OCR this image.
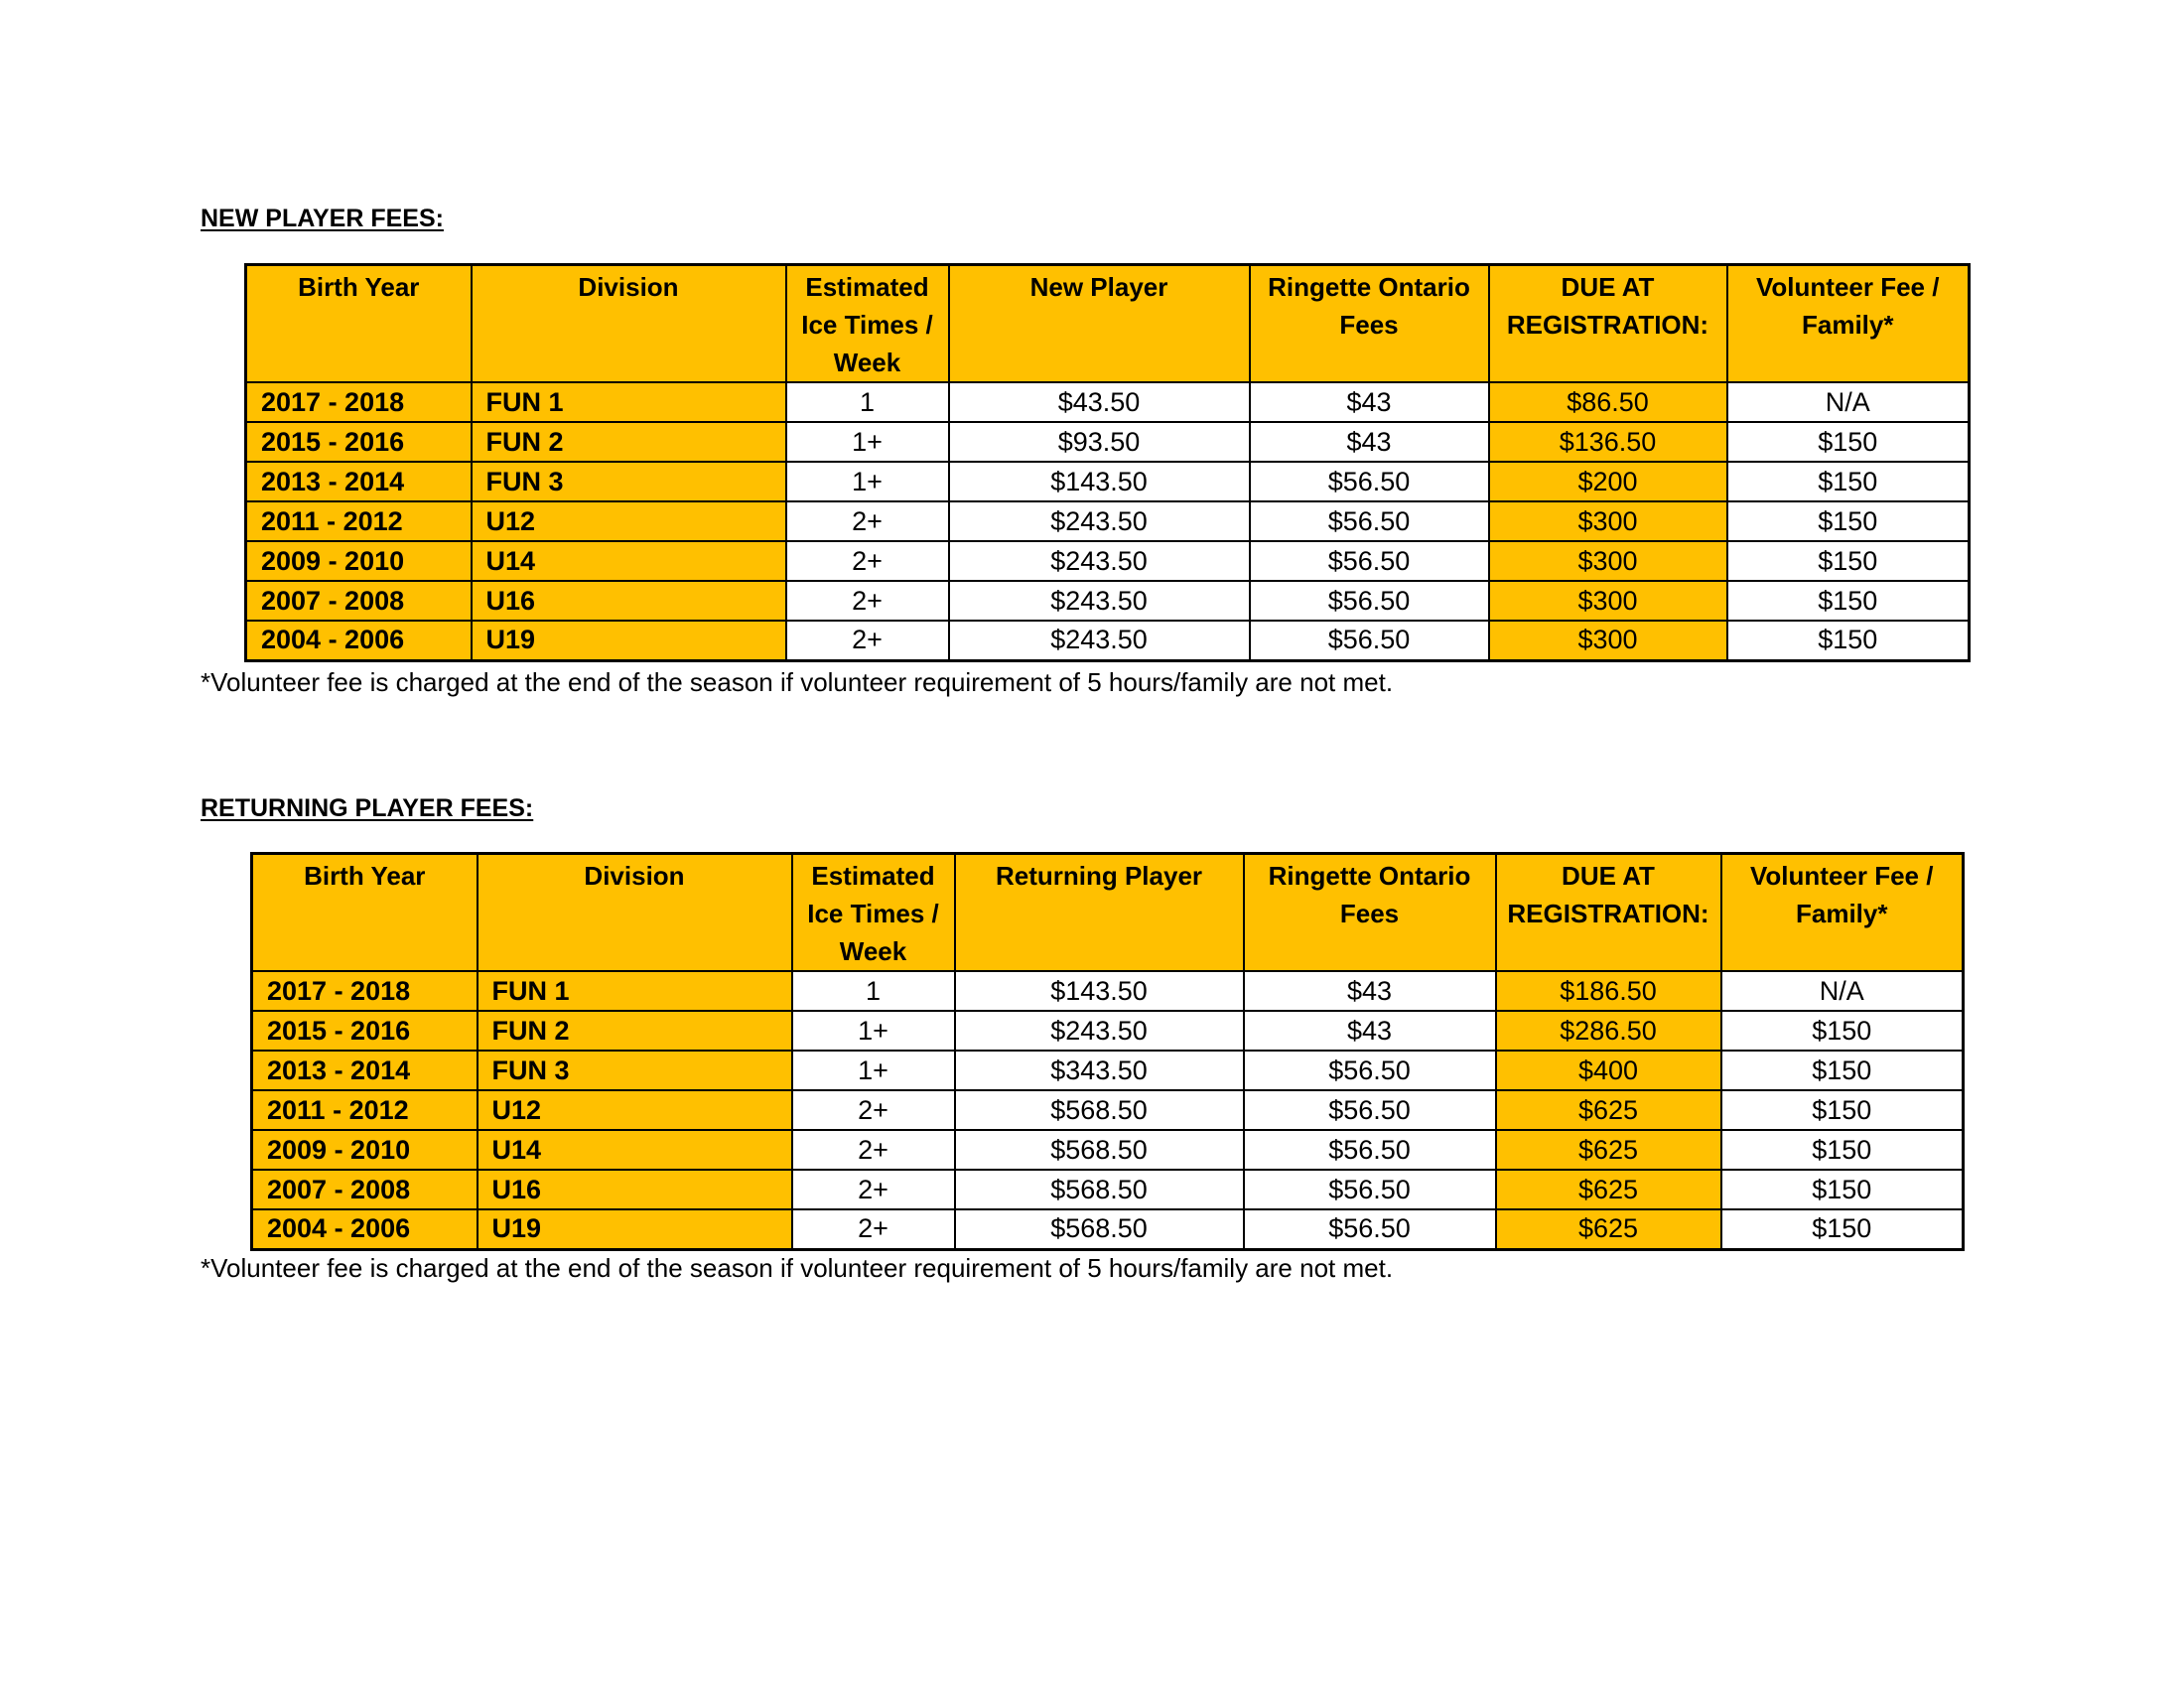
NEW PLAYER FEES:

Birth Year	Division	Estimated Ice Times / Week	New Player	Ringette Ontario Fees	DUE AT REGISTRATION:	Volunteer Fee / Family*
2017 - 2018	FUN 1	1	$43.50	$43	$86.50	N/A
2015 - 2016	FUN 2	1+	$93.50	$43	$136.50	$150
2013 - 2014	FUN 3	1+	$143.50	$56.50	$200	$150
2011 - 2012	U12	2+	$243.50	$56.50	$300	$150
2009 - 2010	U14	2+	$243.50	$56.50	$300	$150
2007 - 2008	U16	2+	$243.50	$56.50	$300	$150
2004 - 2006	U19	2+	$243.50	$56.50	$300	$150

*Volunteer fee is charged at the end of the season if volunteer requirement of 5 hours/family are not met.

RETURNING PLAYER FEES:

Birth Year	Division	Estimated Ice Times / Week	Returning Player	Ringette Ontario Fees	DUE AT REGISTRATION:	Volunteer Fee / Family*
2017 - 2018	FUN 1	1	$143.50	$43	$186.50	N/A
2015 - 2016	FUN 2	1+	$243.50	$43	$286.50	$150
2013 - 2014	FUN 3	1+	$343.50	$56.50	$400	$150
2011 - 2012	U12	2+	$568.50	$56.50	$625	$150
2009 - 2010	U14	2+	$568.50	$56.50	$625	$150
2007 - 2008	U16	2+	$568.50	$56.50	$625	$150
2004 - 2006	U19	2+	$568.50	$56.50	$625	$150

*Volunteer fee is charged at the end of the season if volunteer requirement of 5 hours/family are not met.
